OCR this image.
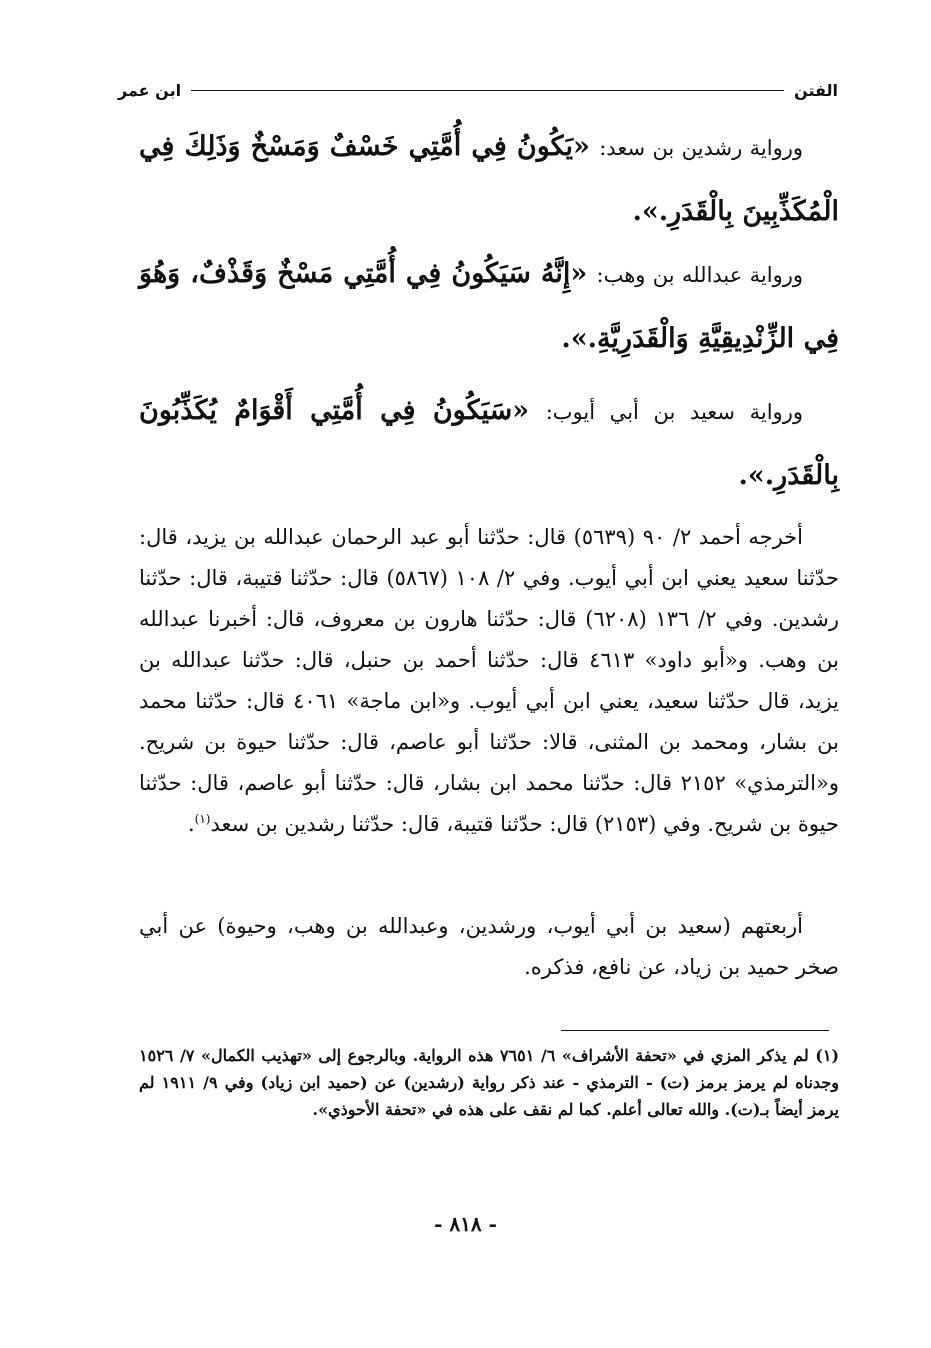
الفتن
ابن عمر
ورواية رشدين بن سعد: «يَكُونُ فِي أُمَّتِي خَسْفٌ وَمَسْخٌ وَذَلِكَ فِي الْمُكَذِّبِينَ بِالْقَدَرِ.».
ورواية عبدالله بن وهب: «إِنَّهُ سَيَكُونُ فِي أُمَّتِي مَسْخٌ وَقَذْفٌ، وَهُوَ فِي الزِّنْدِيقِيَّةِ وَالْقَدَرِيَّةِ.».
ورواية سعيد بن أبي أيوب: «سَيَكُونُ فِي أُمَّتِي أَقْوَامٌ يُكَذِّبُونَ بِالْقَدَرِ.».
أخرجه أحمد ٢/ ٩٠ (٥٦٣٩) قال: حدّثنا أبو عبد الرحمان عبدالله بن يزيد، قال: حدّثنا سعيد يعني ابن أبي أيوب. وفي ٢/ ١٠٨ (٥٨٦٧) قال: حدّثنا قتيبة، قال: حدّثنا رشدين. وفي ٢/ ١٣٦ (٦٢٠٨) قال: حدّثنا هارون بن معروف، قال: أخبرنا عبدالله بن وهب. و«أبو داود» ٤٦١٣ قال: حدّثنا أحمد بن حنبل، قال: حدّثنا عبدالله بن يزيد، قال حدّثنا سعيد، يعني ابن أبي أيوب. و«ابن ماجة» ٤٠٦١ قال: حدّثنا محمد بن بشار، ومحمد بن المثنى، قالا: حدّثنا أبو عاصم، قال: حدّثنا حيوة بن شريح. و«الترمذي» ٢١٥٢ قال: حدّثنا محمد ابن بشار، قال: حدّثنا أبو عاصم، قال: حدّثنا حيوة بن شريح. وفي (٢١٥٣) قال: حدّثنا قتيبة، قال: حدّثنا رشدين بن سعد$^{(١)}$.
أربعتهم (سعيد بن أبي أيوب، ورشدين، وعبدالله بن وهب، وحيوة) عن أبي صخر حميد بن زياد، عن نافع، فذكره.
(١) لم يذكر المزي في «تحفة الأشراف» ٦/ ٧٦٥١ هذه الرواية. وبالرجوع إلى «تهذيب الكمال» ٧/ ١٥٢٦ وجدناه لم يرمز برمز (ت) - الترمذي - عند ذكر رواية (رشدين) عن (حميد ابن زياد) وفي ٩/ ١٩١١ لم يرمز أيضاً بـ(ت). والله تعالى أعلم. كما لم نقف على هذه في «تحفة الأحوذي».
- ٨١٨ -
